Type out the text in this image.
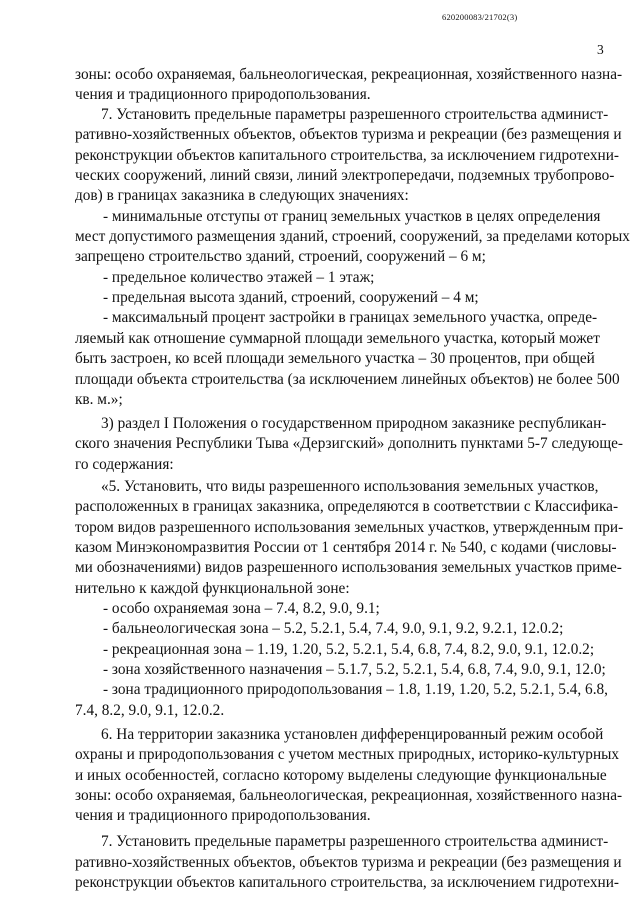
620200083/21702(3)
3
зоны: особо охраняемая, бальнеологическая, рекреационная, хозяйственного назна-
чения и традиционного природопользования.
7. Установить предельные параметры разрешенного строительства админист-
ративно-хозяйственных объектов, объектов туризма и рекреации (без размещения и
реконструкции объектов капитального строительства, за исключением гидротехни-
ческих сооружений, линий связи, линий электропередачи, подземных трубопрово-
дов) в границах заказника в следующих значениях:
- минимальные отступы от границ земельных участков в целях определения
мест допустимого размещения зданий, строений, сооружений, за пределами которых
запрещено строительство зданий, строений, сооружений – 6 м;
- предельное количество этажей – 1 этаж;
- предельная высота зданий, строений, сооружений – 4 м;
- максимальный процент застройки в границах земельного участка, опреде-
ляемый как отношение суммарной площади земельного участка, который может
быть застроен, ко всей площади земельного участка – 30 процентов, при общей
площади объекта строительства (за исключением линейных объектов) не более 500
кв. м.»;
3) раздел I Положения о государственном природном заказнике республикан-
ского значения Республики Тыва «Дерзигский» дополнить пунктами 5-7 следующе-
го содержания:
«5. Установить, что виды разрешенного использования земельных участков,
расположенных в границах заказника, определяются в соответствии с Классифика-
тором видов разрешенного использования земельных участков, утвержденным при-
казом Минэкономразвития России от 1 сентября 2014 г. № 540, с кодами (числовы-
ми обозначениями) видов разрешенного использования земельных участков приме-
нительно к каждой функциональной зоне:
- особо охраняемая зона – 7.4, 8.2, 9.0, 9.1;
- бальнеологическая зона – 5.2, 5.2.1, 5.4, 7.4, 9.0, 9.1, 9.2, 9.2.1, 12.0.2;
- рекреационная зона – 1.19, 1.20, 5.2, 5.2.1, 5.4, 6.8, 7.4, 8.2, 9.0, 9.1, 12.0.2;
- зона хозяйственного назначения – 5.1.7, 5.2, 5.2.1, 5.4, 6.8, 7.4, 9.0, 9.1, 12.0;
- зона традиционного природопользования – 1.8, 1.19, 1.20, 5.2, 5.2.1, 5.4, 6.8,
7.4, 8.2, 9.0, 9.1, 12.0.2.
6. На территории заказника установлен дифференцированный режим особой
охраны и природопользования с учетом местных природных, историко-культурных
и иных особенностей, согласно которому выделены следующие функциональные
зоны: особо охраняемая, бальнеологическая, рекреационная, хозяйственного назна-
чения и традиционного природопользования.
7. Установить предельные параметры разрешенного строительства админист-
ративно-хозяйственных объектов, объектов туризма и рекреации (без размещения и
реконструкции объектов капитального строительства, за исключением гидротехни-
